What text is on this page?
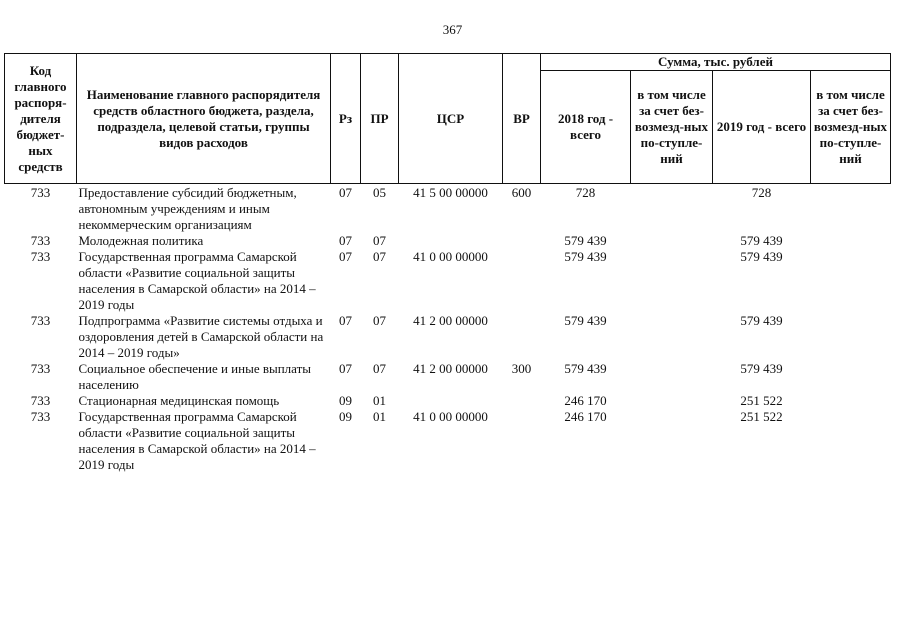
367
Код главного распоря-дителя бюджет-ных средств	Наименование главного распорядителя средств областного бюджета, раздела, подраздела, целевой статьи, группы видов расходов	Рз	ПР	ЦСР	ВР	Сумма, тыс. рублей			
						2018 год - всего	в том числе за счет без-возмезд-ных по-ступле-ний	2019 год - всего	в том числе за счет без-возмезд-ных по-ступле-ний
733	Предоставление субсидий бюджетным, автономным учреждениям и иным некоммерческим организациям	07	05	41 5 00 00000	600	728		728	
733	Молодежная политика	07	07			579 439		579 439	
733	Государственная программа Самарской области «Развитие социальной защиты населения в Самарской области» на 2014 – 2019 годы	07	07	41 0 00 00000		579 439		579 439	
733	Подпрограмма «Развитие системы отдыха и оздоровления детей в Самарской области на 2014 – 2019 годы»	07	07	41 2 00 00000		579 439		579 439	
733	Социальное обеспечение и иные выплаты населению	07	07	41 2 00 00000	300	579 439		579 439	
733	Стационарная медицинская помощь	09	01			246 170		251 522	
733	Государственная программа Самарской области «Развитие социальной защиты населения в Самарской области» на 2014 – 2019 годы	09	01	41 0 00 00000		246 170		251 522	
